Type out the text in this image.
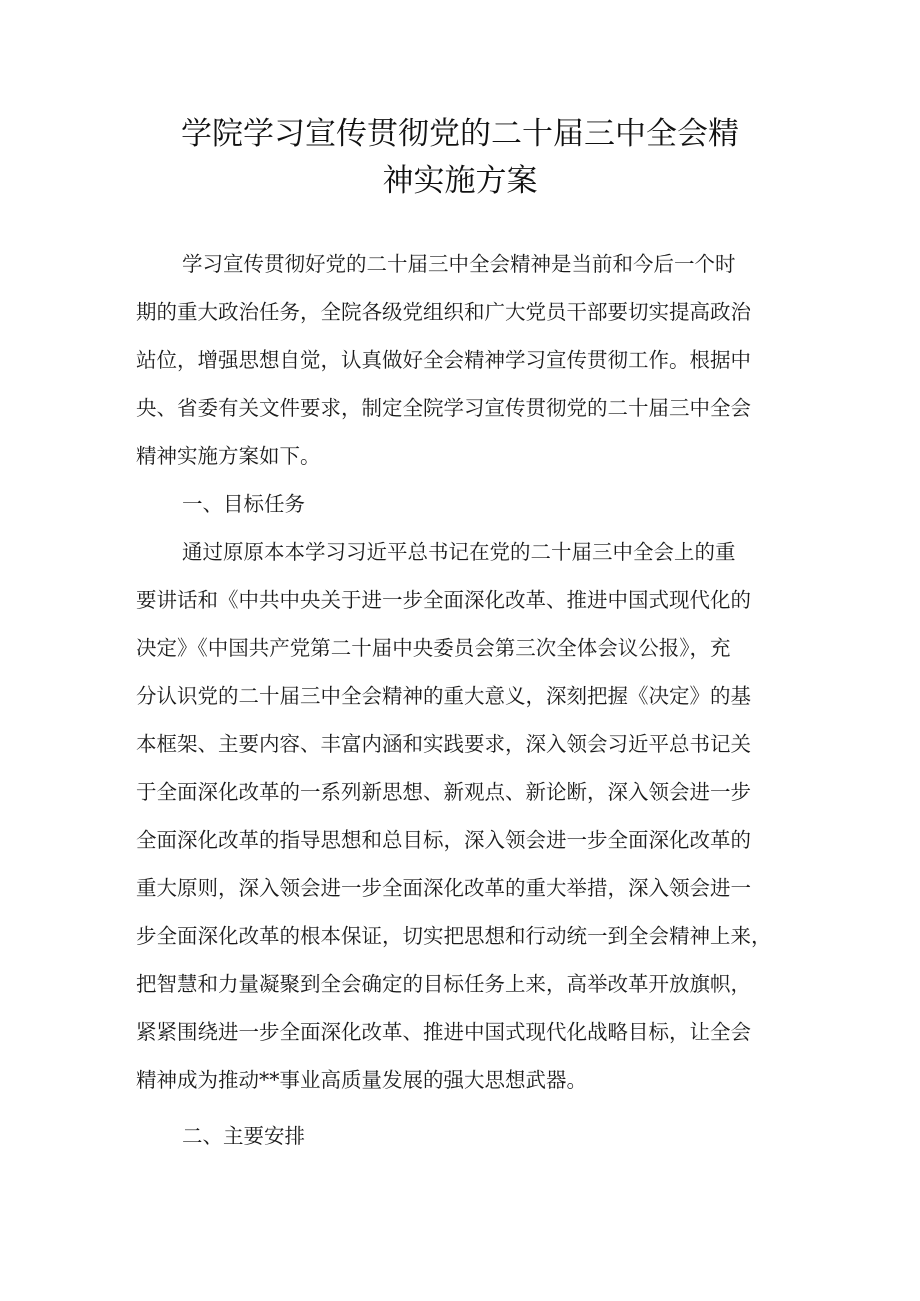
学院学习宣传贯彻党的二十届三中全会精
神实施方案

学习宣传贯彻好党的二十届三中全会精神是当前和今后一个时

期的重大政治任务，全院各级党组织和广大党员干部要切实提高政治

站位，增强思想自觉，认真做好全会精神学习宣传贯彻工作。根据中

央、省委有关文件要求，制定全院学习宣传贯彻党的二十届三中全会

精神实施方案如下。

一、目标任务

通过原原本本学习习近平总书记在党的二十届三中全会上的重

要讲话和《中共中央关于进一步全面深化改革、推进中国式现代化的

决定》《中国共产党第二十届中央委员会第三次全体会议公报》，充

分认识党的二十届三中全会精神的重大意义，深刻把握《决定》的基

本框架、主要内容、丰富内涵和实践要求，深入领会习近平总书记关

于全面深化改革的一系列新思想、新观点、新论断，深入领会进一步

全面深化改革的指导思想和总目标，深入领会进一步全面深化改革的

重大原则，深入领会进一步全面深化改革的重大举措，深入领会进一

步全面深化改革的根本保证，切实把思想和行动统一到全会精神上来，

把智慧和力量凝聚到全会确定的目标任务上来，高举改革开放旗帜，

紧紧围绕进一步全面深化改革、推进中国式现代化战略目标，让全会

精神成为推动**事业高质量发展的强大思想武器。

二、主要安排
